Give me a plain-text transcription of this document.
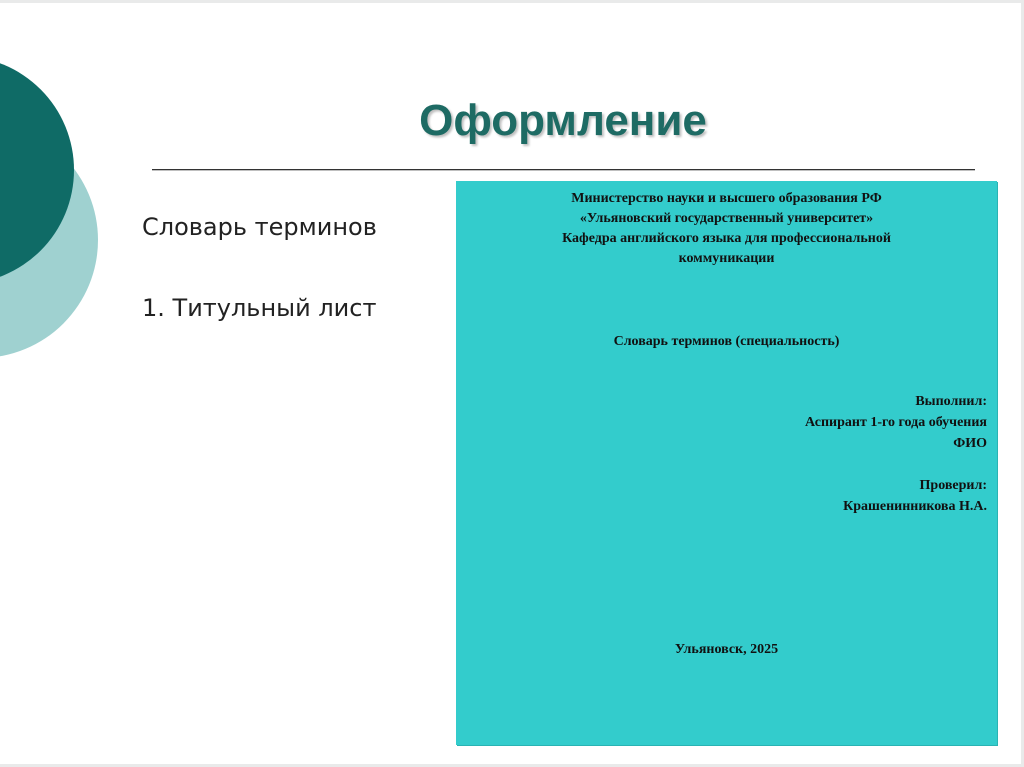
Оформление
Словарь терминов
1. Титульный лист
Министерство науки и высшего образования РФ
«Ульяновский государственный университет»
Кафедра английского языка для профессиональной
коммуникации
Словарь терминов (специальность)
Выполнил:
Аспирант 1-го года обучения
ФИО
Проверил:
Крашенинникова Н.А.
Ульяновск, 2025
